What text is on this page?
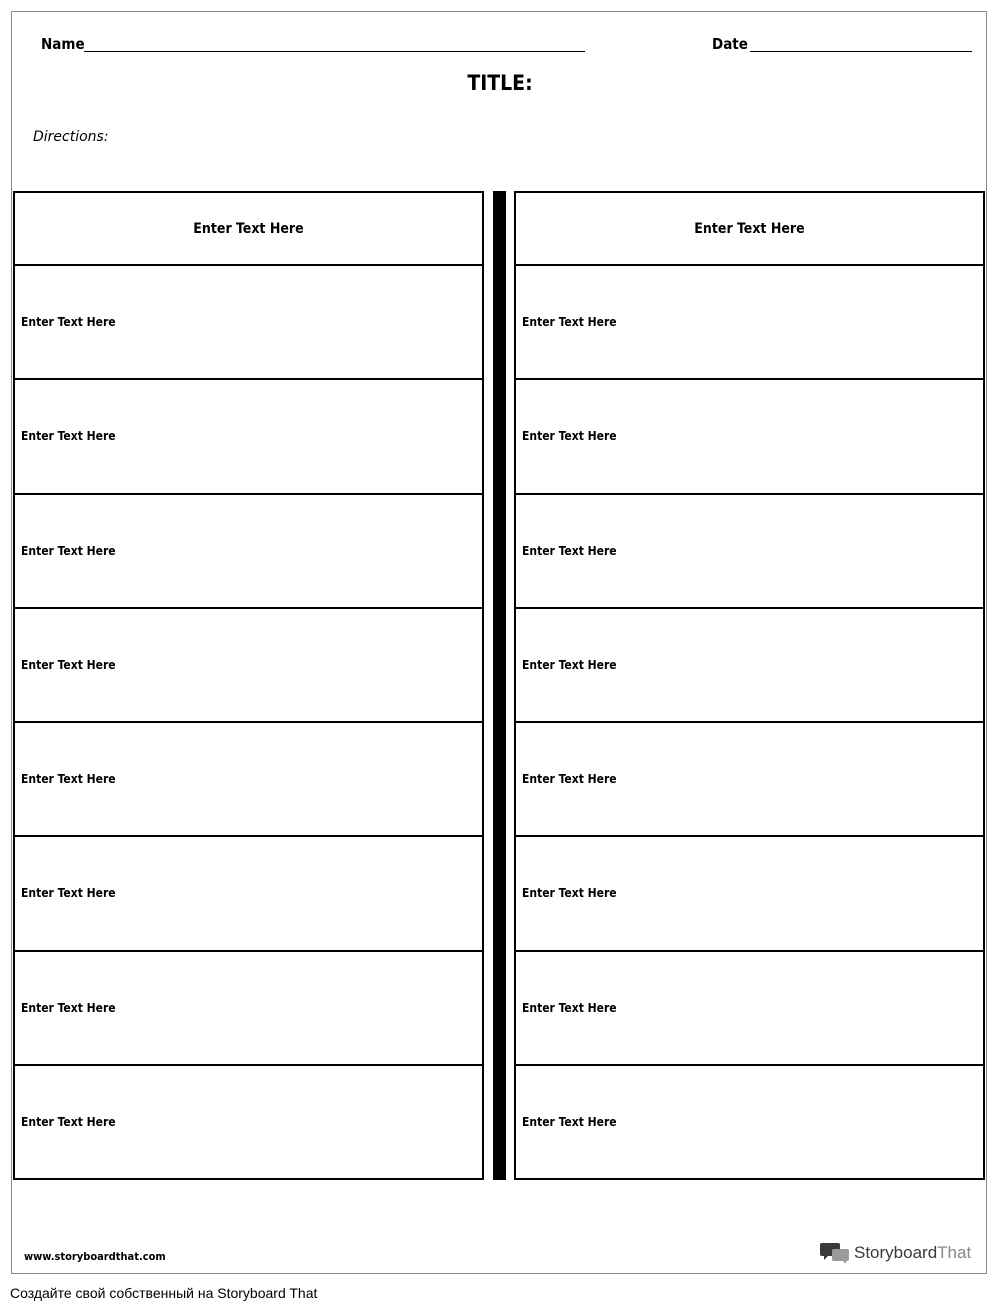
Name	Date
TITLE:
Directions:
Enter Text Here
Enter Text Here
Enter Text Here
Enter Text Here
Enter Text Here
Enter Text Here
Enter Text Here
Enter Text Here
Enter Text Here
Enter Text Here
Enter Text Here
Enter Text Here
Enter Text Here
Enter Text Here
Enter Text Here
Enter Text Here
Enter Text Here
Enter Text Here
www.storyboardthat.com	StoryboardThat
Создайте свой собственный на Storyboard That
